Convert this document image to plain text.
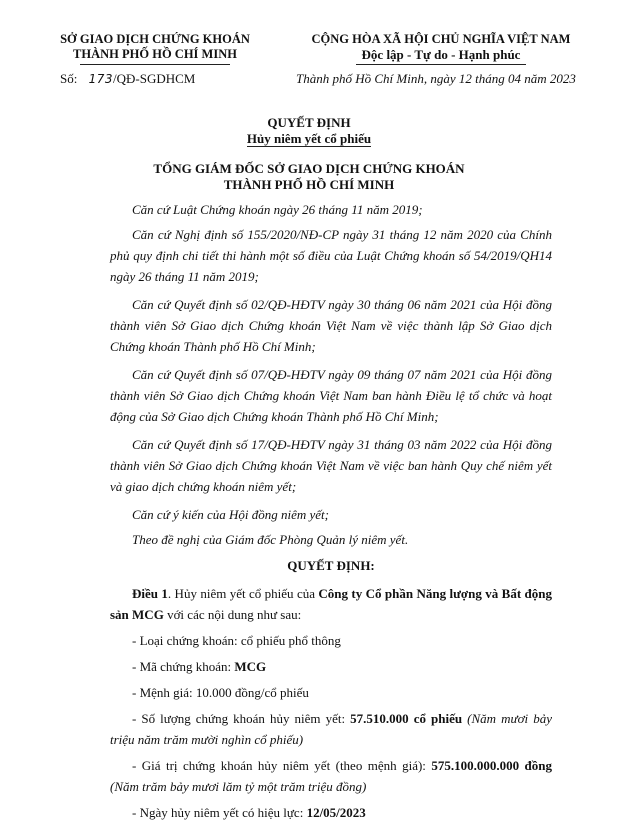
SỞ GIAO DỊCH CHỨNG KHOÁN
THÀNH PHỐ HỒ CHÍ MINH
CỘNG HÒA XÃ HỘI CHỦ NGHĨA VIỆT NAM
Độc lập - Tự do - Hạnh phúc
Số: 173/QĐ-SGDHCM	Thành phố Hồ Chí Minh, ngày 12 tháng 04 năm 2023
QUYẾT ĐỊNH
Hủy niêm yết cổ phiếu
TỔNG GIÁM ĐỐC SỞ GIAO DỊCH CHỨNG KHOÁN
THÀNH PHỐ HỒ CHÍ MINH

Căn cứ Luật Chứng khoán ngày 26 tháng 11 năm 2019;

Căn cứ Nghị định số 155/2020/NĐ-CP ngày 31 tháng 12 năm 2020 của Chính phủ quy định chi tiết thi hành một số điều của Luật Chứng khoán số 54/2019/QH14 ngày 26 tháng 11 năm 2019;

Căn cứ Quyết định số 02/QĐ-HĐTV ngày 30 tháng 06 năm 2021 của Hội đồng thành viên Sở Giao dịch Chứng khoán Việt Nam về việc thành lập Sở Giao dịch Chứng khoán Thành phố Hồ Chí Minh;

Căn cứ Quyết định số 07/QĐ-HĐTV ngày 09 tháng 07 năm 2021 của Hội đồng thành viên Sở Giao dịch Chứng khoán Việt Nam ban hành Điều lệ tổ chức và hoạt động của Sở Giao dịch Chứng khoán Thành phố Hồ Chí Minh;

Căn cứ Quyết định số 17/QĐ-HĐTV ngày 31 tháng 03 năm 2022 của Hội đồng thành viên Sở Giao dịch Chứng khoán Việt Nam về việc ban hành Quy chế niêm yết và giao dịch chứng khoán niêm yết;

Căn cứ ý kiến của Hội đồng niêm yết;

Theo đề nghị của Giám đốc Phòng Quản lý niêm yết.

QUYẾT ĐỊNH:

Điều 1. Hủy niêm yết cổ phiếu của Công ty Cổ phần Năng lượng và Bất động sản MCG với các nội dung như sau:

- Loại chứng khoán: cổ phiếu phổ thông

- Mã chứng khoán: MCG

- Mệnh giá: 10.000 đồng/cổ phiếu

- Số lượng chứng khoán hủy niêm yết: 57.510.000 cổ phiếu (Năm mươi bảy triệu năm trăm mười nghìn cổ phiếu)

- Giá trị chứng khoán hủy niêm yết (theo mệnh giá): 575.100.000.000 đồng (Năm trăm bảy mươi lăm tỷ một trăm triệu đồng)

- Ngày hủy niêm yết có hiệu lực: 12/05/2023
